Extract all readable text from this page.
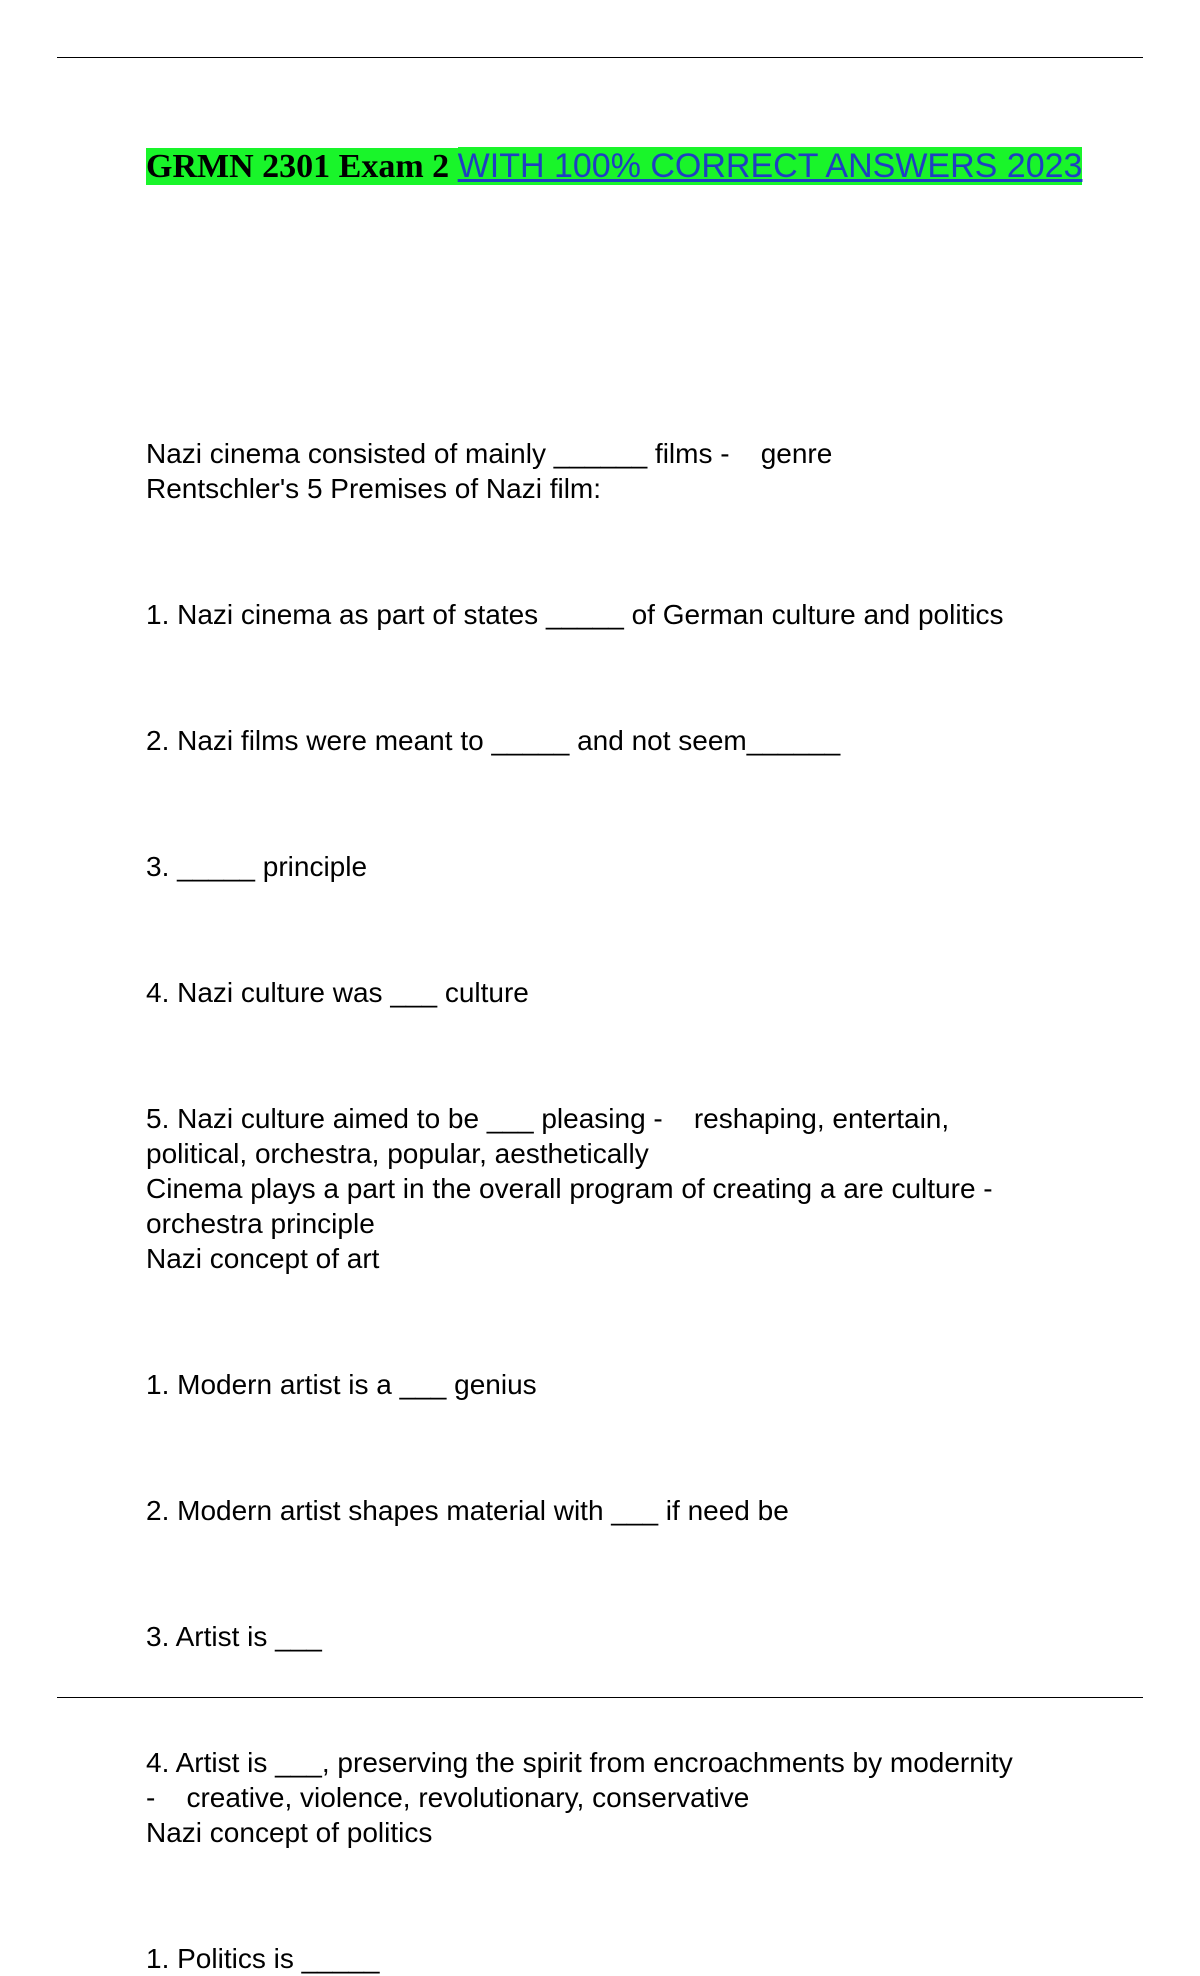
GRMN 2301 Exam 2 WITH 100% CORRECT ANSWERS 2023

Nazi cinema consisted of mainly ______ films -    genre

Rentschler's 5 Premises of Nazi film:

1. Nazi cinema as part of states _____ of German culture and politics

2. Nazi films were meant to _____ and not seem______

3. _____ principle

4. Nazi culture was ___ culture

5. Nazi culture aimed to be ___ pleasing -    reshaping, entertain,

political, orchestra, popular, aesthetically

Cinema plays a part in the overall program of creating a are culture -

orchestra principle

Nazi concept of art

1. Modern artist is a ___ genius

2. Modern artist shapes material with ___ if need be

3. Artist is ___

4. Artist is ___, preserving the spirit from encroachments by modernity

-    creative, violence, revolutionary, conservative

Nazi concept of politics

1. Politics is _____
